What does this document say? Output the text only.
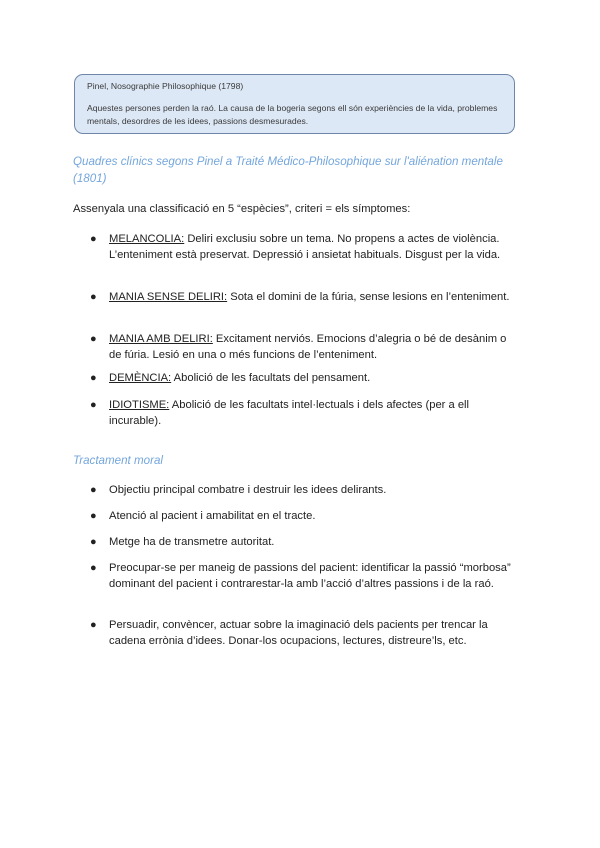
Pinel, Nosographie Philosophique (1798)

Aquestes persones perden la raó. La causa de la bogeria segons ell són experiències de la vida, problemes mentals, desordres de les idees, passions desmesurades.

Quadres clínics segons Pinel a Traité Médico-Philosophique sur l'aliénation mentale (1801)

Assenyala una classificació en 5 “espècies”, criteri = els símptomes:

● MELANCOLIA: Deliri exclusiu sobre un tema. No propens a actes de violència. L’enteniment està preservat. Depressió i ansietat habituals. Disgust per la vida.
● MANIA SENSE DELIRI: Sota el domini de la fúria, sense lesions en l’enteniment.
● MANIA AMB DELIRI: Excitament nerviós. Emocions d’alegria o bé de desànim o de fúria. Lesió en una o més funcions de l’enteniment.
● DEMÈNCIA: Abolició de les facultats del pensament.
● IDIOTISME: Abolició de les facultats intel·lectuals i dels afectes (per a ell incurable).

Tractament moral

● Objectiu principal combatre i destruir les idees delirants.
● Atenció al pacient i amabilitat en el tracte.
● Metge ha de transmetre autoritat.
● Preocupar-se per maneig de passions del pacient: identificar la passió “morbosa” dominant del pacient i contrarestar-la amb l’acció d’altres passions i de la raó.
● Persuadir, convèncer, actuar sobre la imaginació dels pacients per trencar la cadena errònia d’idees. Donar-los ocupacions, lectures, distreure’ls, etc.
